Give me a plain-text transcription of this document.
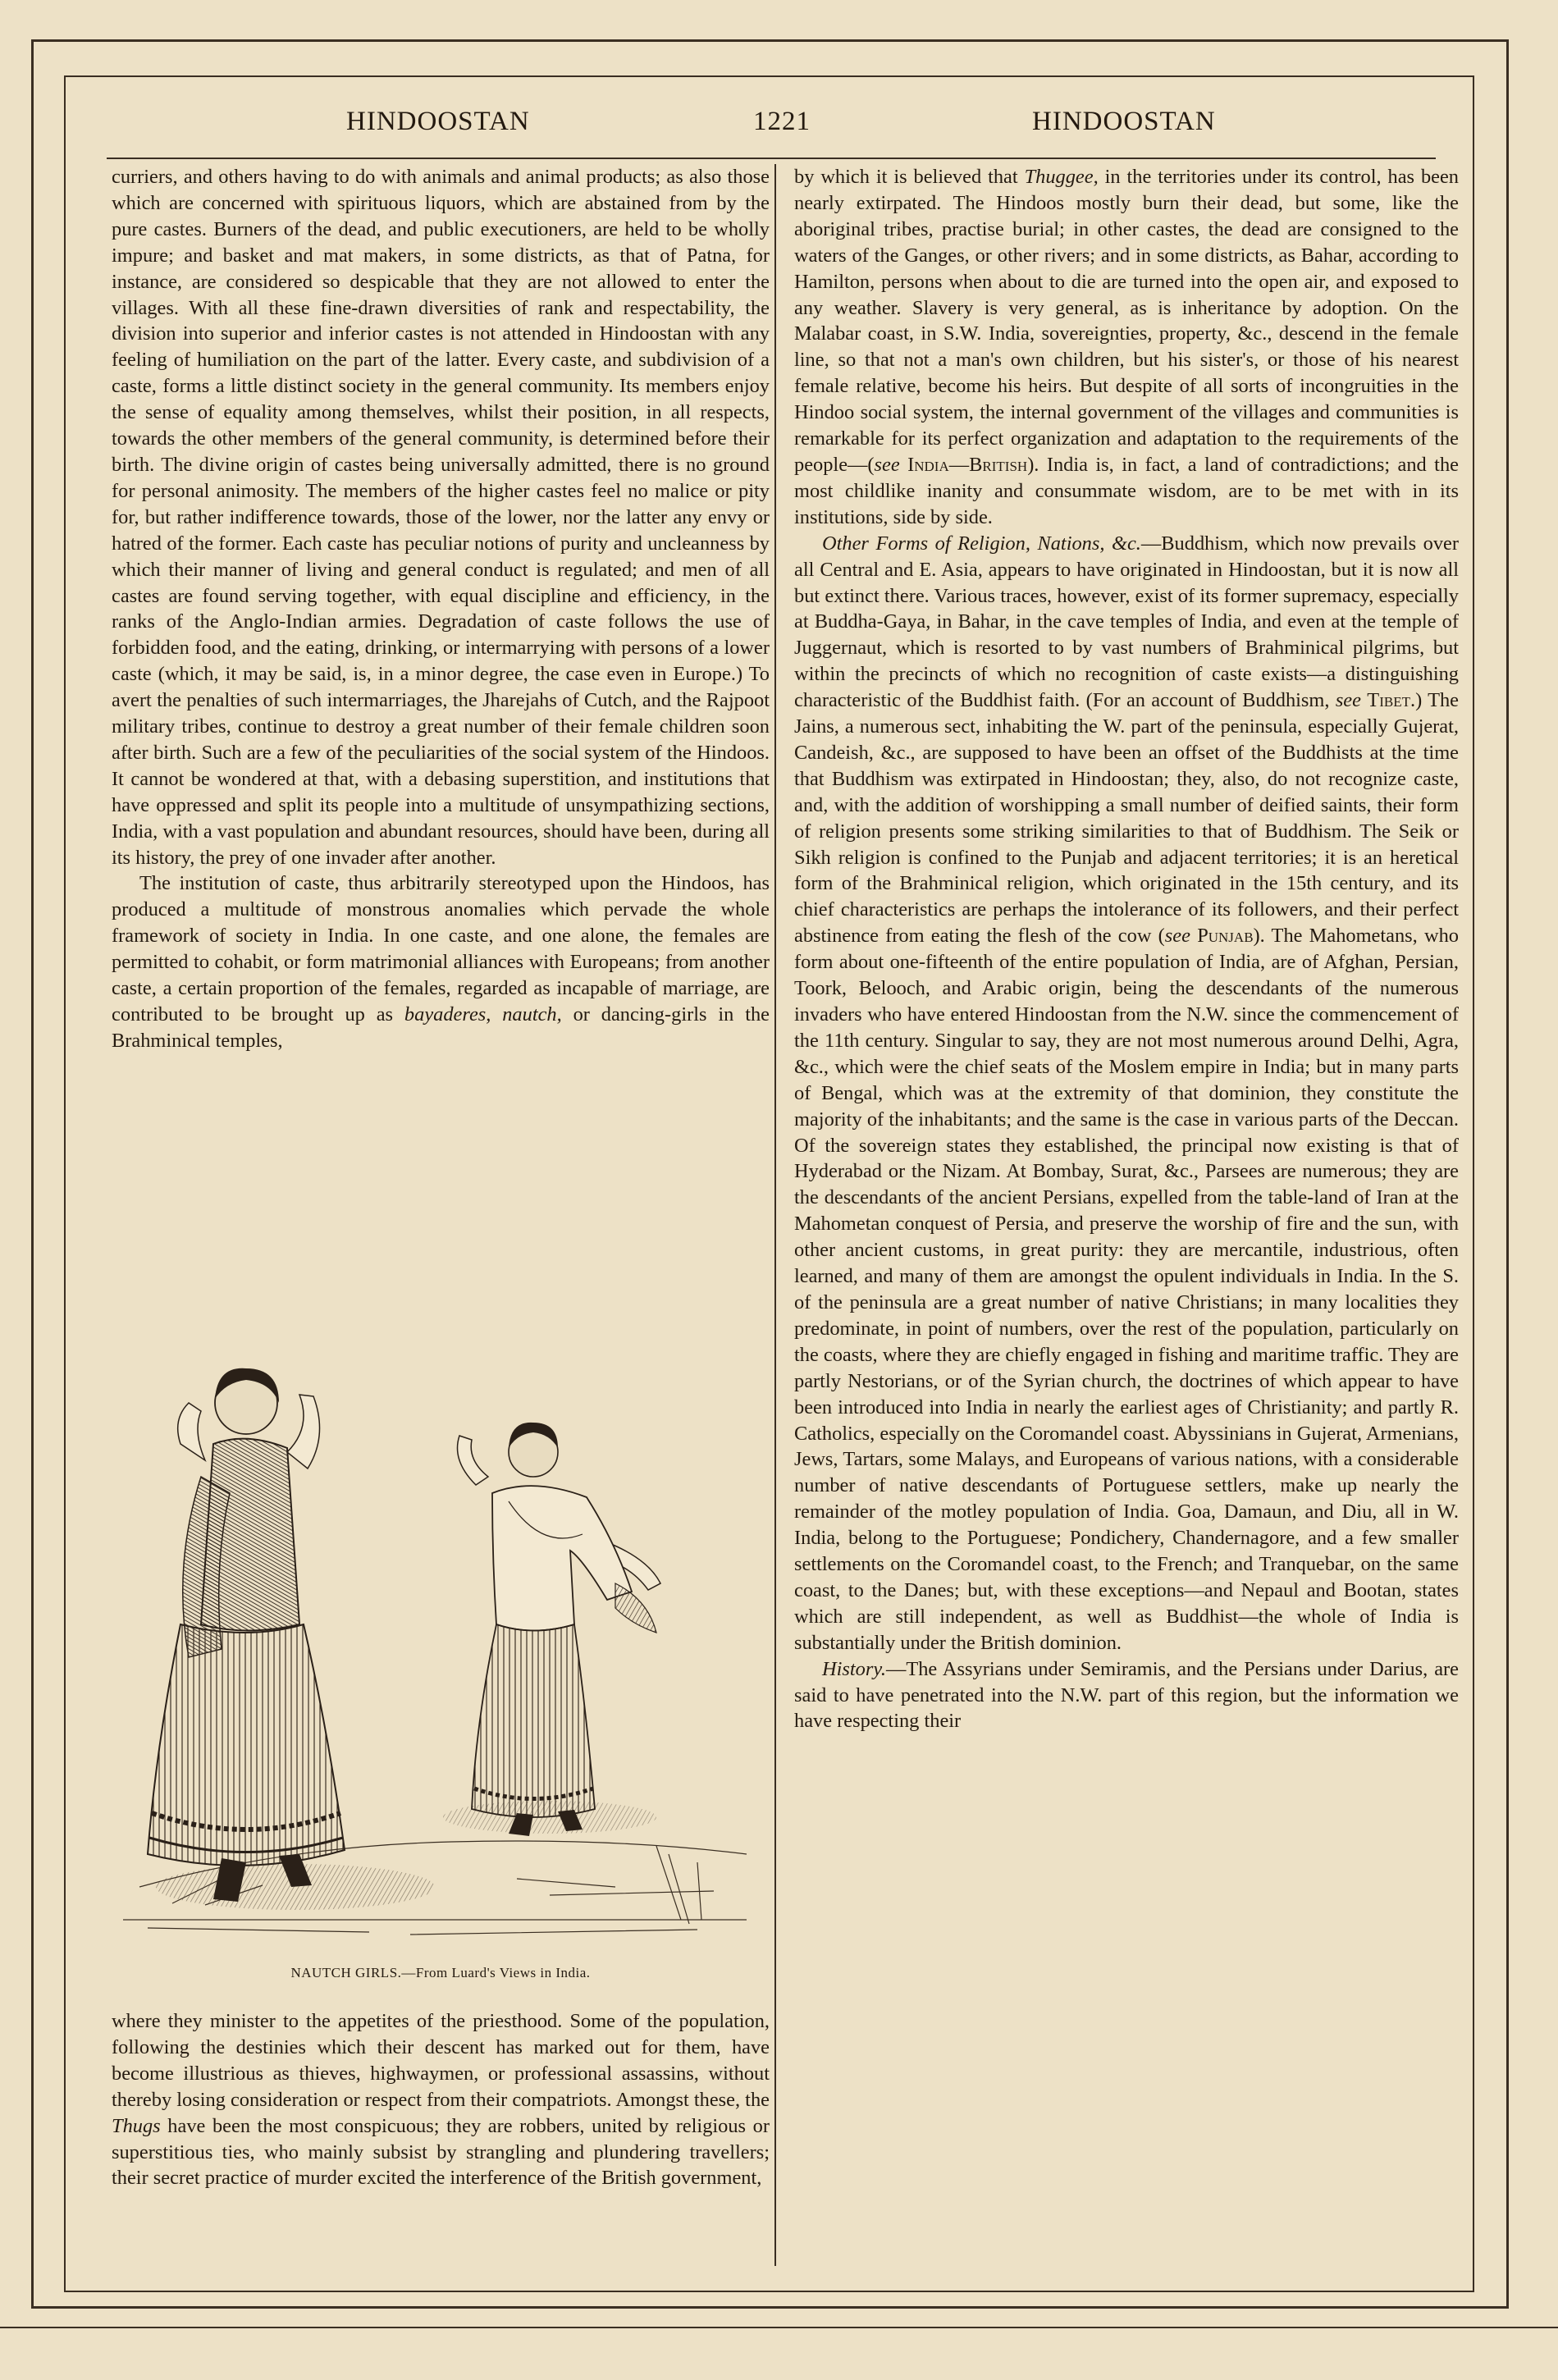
HINDOOSTAN	1221	HINDOOSTAN

curriers, and others having to do with animals and animal products; as also those which are concerned with spirituous liquors, which are abstained from by the pure castes. Burners of the dead, and public executioners, are held to be wholly impure; and basket and mat makers, in some districts, as that of Patna, for instance, are considered so despicable that they are not allowed to enter the villages. With all these fine-drawn diversities of rank and respectability, the division into superior and inferior castes is not attended in Hindoostan with any feeling of humiliation on the part of the latter. Every caste, and subdivision of a caste, forms a little distinct society in the general community. Its members enjoy the sense of equality among themselves, whilst their position, in all respects, towards the other members of the general community, is determined before their birth. The divine origin of castes being universally admitted, there is no ground for personal animosity. The members of the higher castes feel no malice or pity for, but rather indifference towards, those of the lower, nor the latter any envy or hatred of the former. Each caste has peculiar notions of purity and uncleanness by which their manner of living and general conduct is regulated; and men of all castes are found serving together, with equal discipline and efficiency, in the ranks of the Anglo-Indian armies. Degradation of caste follows the use of forbidden food, and the eating, drinking, or intermarrying with persons of a lower caste (which, it may be said, is, in a minor degree, the case even in Europe.) To avert the penalties of such intermarriages, the Jharejahs of Cutch, and the Rajpoot military tribes, continue to destroy a great number of their female children soon after birth. Such are a few of the peculiarities of the social system of the Hindoos. It cannot be wondered at that, with a debasing superstition, and institutions that have oppressed and split its people into a multitude of unsympathizing sections, India, with a vast population and abundant resources, should have been, during all its history, the prey of one invader after another.

The institution of caste, thus arbitrarily stereotyped upon the Hindoos, has produced a multitude of monstrous anomalies which pervade the whole framework of society in India. In one caste, and one alone, the females are permitted to cohabit, or form matrimonial alliances with Europeans; from another caste, a certain proportion of the females, regarded as incapable of marriage, are contributed to be brought up as bayaderes, nautch, or dancing-girls in the Brahminical temples,

NAUTCH GIRLS.—From Luard's Views in India.

where they minister to the appetites of the priesthood. Some of the population, following the destinies which their descent has marked out for them, have become illustrious as thieves, highwaymen, or professional assassins, without thereby losing consideration or respect from their compatriots. Amongst these, the Thugs have been the most conspicuous; they are robbers, united by religious or superstitious ties, who mainly subsist by strangling and plundering travellers; their secret practice of murder excited the interference of the British government,

by which it is believed that Thuggee, in the territories under its control, has been nearly extirpated. The Hindoos mostly burn their dead, but some, like the aboriginal tribes, practise burial; in other castes, the dead are consigned to the waters of the Ganges, or other rivers; and in some districts, as Bahar, according to Hamilton, persons when about to die are turned into the open air, and exposed to any weather. Slavery is very general, as is inheritance by adoption. On the Malabar coast, in S.W. India, sovereignties, property, &c., descend in the female line, so that not a man's own children, but his sister's, or those of his nearest female relative, become his heirs. But despite of all sorts of incongruities in the Hindoo social system, the internal government of the villages and communities is remarkable for its perfect organization and adaptation to the requirements of the people—(see India—British). India is, in fact, a land of contradictions; and the most childlike inanity and consummate wisdom, are to be met with in its institutions, side by side.

Other Forms of Religion, Nations, &c.—Buddhism, which now prevails over all Central and E. Asia, appears to have originated in Hindoostan, but it is now all but extinct there. Various traces, however, exist of its former supremacy, especially at Buddha-Gaya, in Bahar, in the cave temples of India, and even at the temple of Juggernaut, which is resorted to by vast numbers of Brahminical pilgrims, but within the precincts of which no recognition of caste exists—a distinguishing characteristic of the Buddhist faith. (For an account of Buddhism, see Tibet.) The Jains, a numerous sect, inhabiting the W. part of the peninsula, especially Gujerat, Candeish, &c., are supposed to have been an offset of the Buddhists at the time that Buddhism was extirpated in Hindoostan; they, also, do not recognize caste, and, with the addition of worshipping a small number of deified saints, their form of religion presents some striking similarities to that of Buddhism. The Seik or Sikh religion is confined to the Punjab and adjacent territories; it is an heretical form of the Brahminical religion, which originated in the 15th century, and its chief characteristics are perhaps the intolerance of its followers, and their perfect abstinence from eating the flesh of the cow (see Punjab). The Mahometans, who form about one-fifteenth of the entire population of India, are of Afghan, Persian, Toork, Belooch, and Arabic origin, being the descendants of the numerous invaders who have entered Hindoostan from the N.W. since the commencement of the 11th century. Singular to say, they are not most numerous around Delhi, Agra, &c., which were the chief seats of the Moslem empire in India; but in many parts of Bengal, which was at the extremity of that dominion, they constitute the majority of the inhabitants; and the same is the case in various parts of the Deccan. Of the sovereign states they established, the principal now existing is that of Hyderabad or the Nizam. At Bombay, Surat, &c., Parsees are numerous; they are the descendants of the ancient Persians, expelled from the table-land of Iran at the Mahometan conquest of Persia, and preserve the worship of fire and the sun, with other ancient customs, in great purity: they are mercantile, industrious, often learned, and many of them are amongst the opulent individuals in India. In the S. of the peninsula are a great number of native Christians; in many localities they predominate, in point of numbers, over the rest of the population, particularly on the coasts, where they are chiefly engaged in fishing and maritime traffic. They are partly Nestorians, or of the Syrian church, the doctrines of which appear to have been introduced into India in nearly the earliest ages of Christianity; and partly R. Catholics, especially on the Coromandel coast. Abyssinians in Gujerat, Armenians, Jews, Tartars, some Malays, and Europeans of various nations, with a considerable number of native descendants of Portuguese settlers, make up nearly the remainder of the motley population of India. Goa, Damaun, and Diu, all in W. India, belong to the Portuguese; Pondichery, Chandernagore, and a few smaller settlements on the Coromandel coast, to the French; and Tranquebar, on the same coast, to the Danes; but, with these exceptions—and Nepaul and Bootan, states which are still independent, as well as Buddhist—the whole of India is substantially under the British dominion.

History.—The Assyrians under Semiramis, and the Persians under Darius, are said to have penetrated into the N.W. part of this region, but the information we have respecting their
